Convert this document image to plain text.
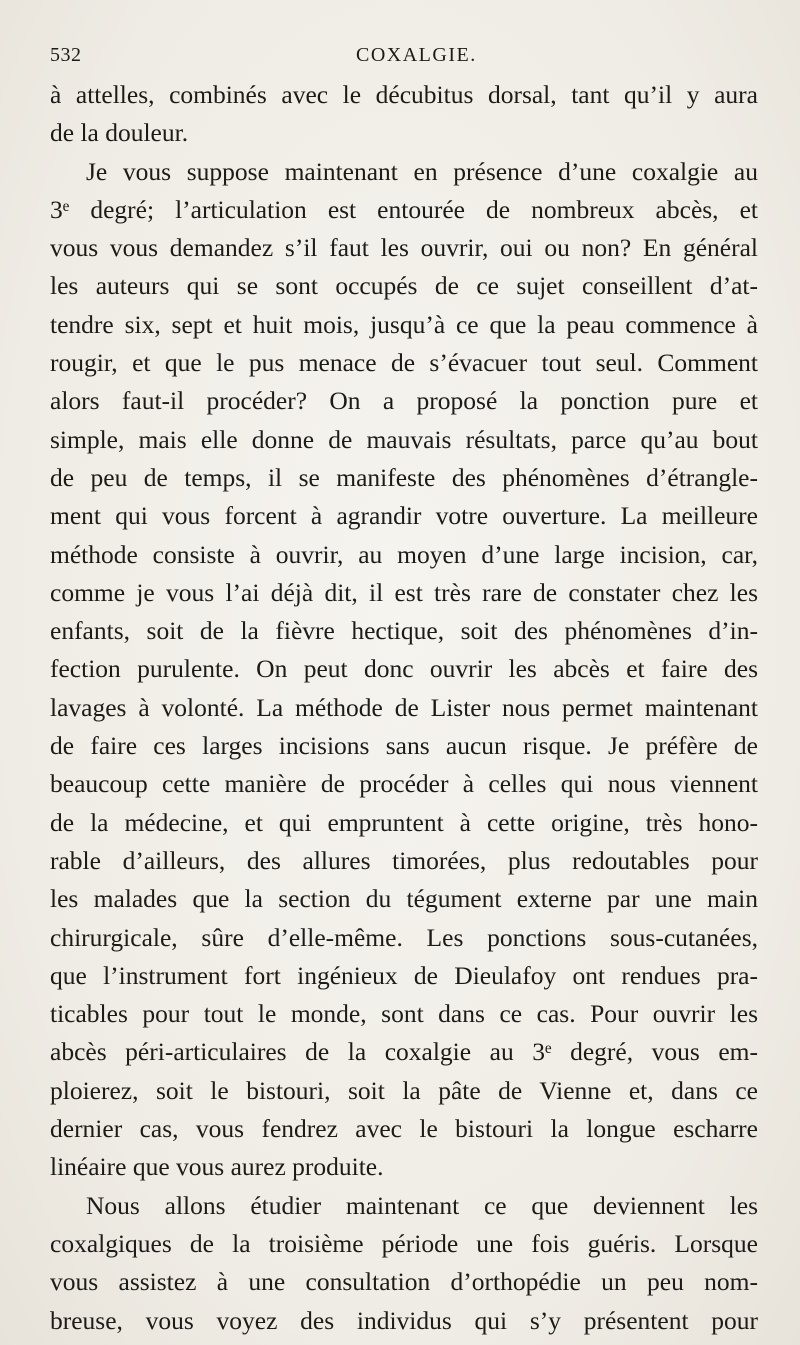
532	COXALGIE.
à attelles, combinés avec le décubitus dorsal, tant qu’il y aura
de la douleur.
Je vous suppose maintenant en présence d’une coxalgie au
3ᵉ degré; l’articulation est entourée de nombreux abcès, et
vous vous demandez s’il faut les ouvrir, oui ou non? En général
les auteurs qui se sont occupés de ce sujet conseillent d’at-
tendre six, sept et huit mois, jusqu’à ce que la peau commence à
rougir, et que le pus menace de s’évacuer tout seul. Comment
alors faut-il procéder? On a proposé la ponction pure et
simple, mais elle donne de mauvais résultats, parce qu’au bout
de peu de temps, il se manifeste des phénomènes d’étrangle-
ment qui vous forcent à agrandir votre ouverture. La meilleure
méthode consiste à ouvrir, au moyen d’une large incision, car,
comme je vous l’ai déjà dit, il est très rare de constater chez les
enfants, soit de la fièvre hectique, soit des phénomènes d’in-
fection purulente. On peut donc ouvrir les abcès et faire des
lavages à volonté. La méthode de Lister nous permet maintenant
de faire ces larges incisions sans aucun risque. Je préfère de
beaucoup cette manière de procéder à celles qui nous viennent
de la médecine, et qui empruntent à cette origine, très hono-
rable d’ailleurs, des allures timorées, plus redoutables pour
les malades que la section du tégument externe par une main
chirurgicale, sûre d’elle-même. Les ponctions sous-cutanées,
que l’instrument fort ingénieux de Dieulafoy ont rendues pra-
ticables pour tout le monde, sont dans ce cas. Pour ouvrir les
abcès péri-articulaires de la coxalgie au 3ᵉ degré, vous em-
ploierez, soit le bistouri, soit la pâte de Vienne et, dans ce
dernier cas, vous fendrez avec le bistouri la longue escharre
linéaire que vous aurez produite.
Nous allons étudier maintenant ce que deviennent les
coxalgiques de la troisième période une fois guéris. Lorsque
vous assistez à une consultation d’orthopédie un peu nom-
breuse, vous voyez des individus qui s’y présentent pour
